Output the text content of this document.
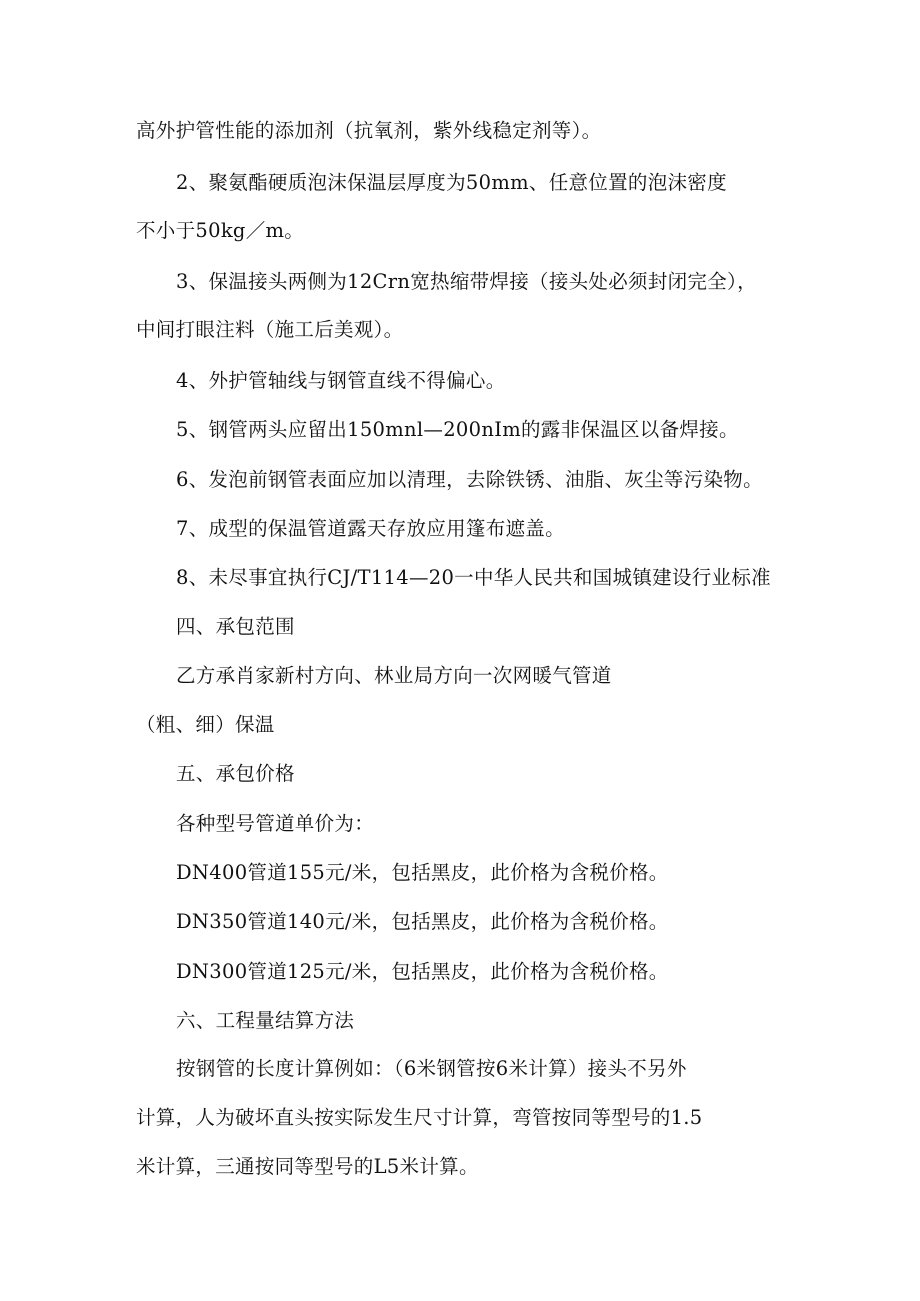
高外护管性能的添加剂（抗氧剂，紫外线稳定剂等）。
2、聚氨酯硬质泡沫保温层厚度为50mm、任意位置的泡沫密度
不小于50kg／m。
3、保温接头两侧为12Crn宽热缩带焊接（接头处必须封闭完全），
中间打眼注料（施工后美观）。
4、外护管轴线与钢管直线不得偏心。
5、钢管两头应留出150mnl—200nIm的露非保温区以备焊接。
6、发泡前钢管表面应加以清理，去除铁锈、油脂、灰尘等污染物。
7、成型的保温管道露天存放应用篷布遮盖。
8、未尽事宜执行CJ/T114—20一中华人民共和国城镇建设行业标准
四、承包范围
乙方承肖家新村方向、林业局方向一次网暖气管道
（粗、细）保温
五、承包价格
各种型号管道单价为：
DN400管道155元/米，包括黑皮，此价格为含税价格。
DN350管道140元/米，包括黑皮，此价格为含税价格。
DN300管道125元/米，包括黑皮，此价格为含税价格。
六、工程量结算方法
按钢管的长度计算例如：（6米钢管按6米计算）接头不另外
计算，人为破坏直头按实际发生尺寸计算，弯管按同等型号的1.5
米计算，三通按同等型号的L5米计算。
